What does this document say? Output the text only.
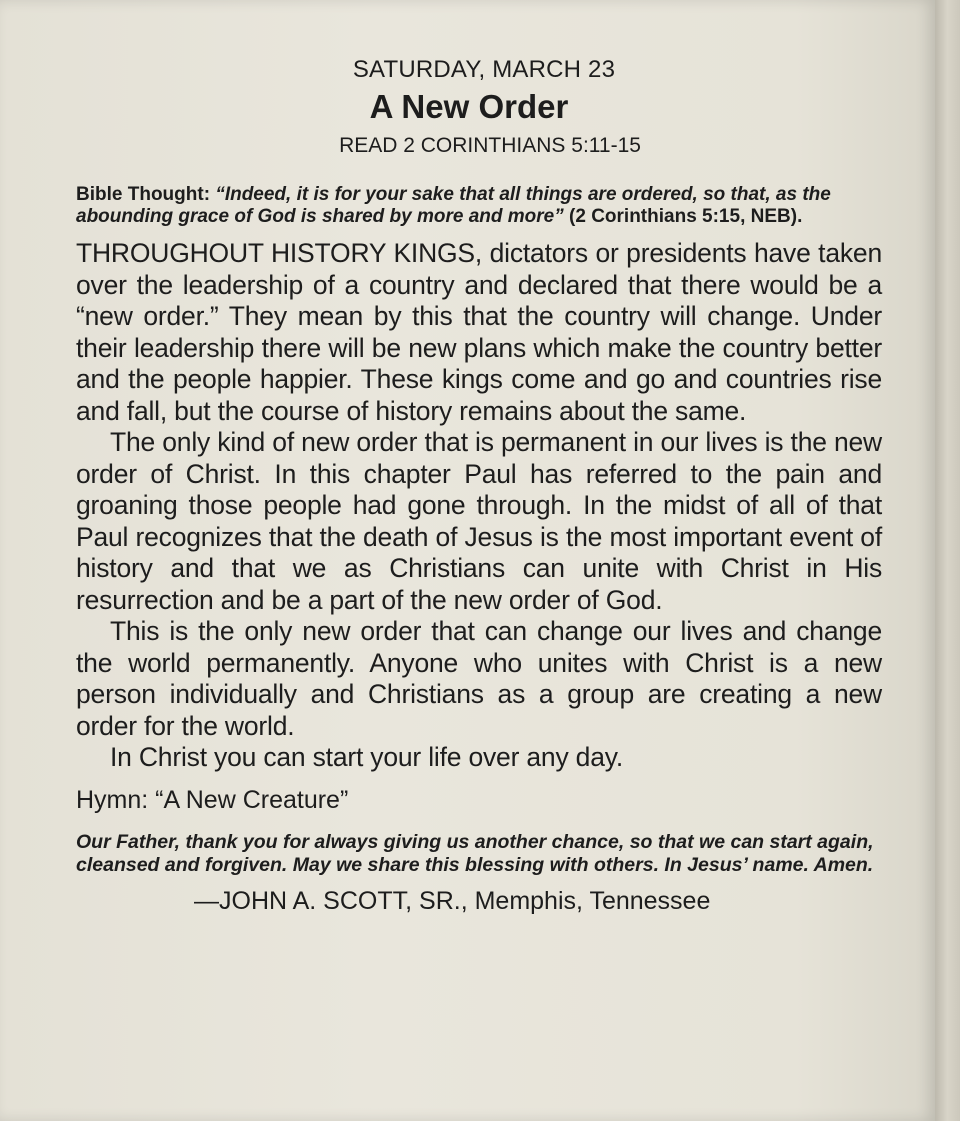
SATURDAY, MARCH 23
A New Order
READ 2 CORINTHIANS 5:11-15
Bible Thought: “Indeed, it is for your sake that all things are ordered, so that, as the abounding grace of God is shared by more and more” (2 Corinthians 5:15, NEB).

THROUGHOUT HISTORY KINGS, dictators or presidents have taken over the leadership of a country and declared that there would be a “new order.” They mean by this that the country will change. Under their leadership there will be new plans which make the country better and the people happier. These kings come and go and countries rise and fall, but the course of history remains about the same.

The only kind of new order that is permanent in our lives is the new order of Christ. In this chapter Paul has referred to the pain and groaning those people had gone through. In the midst of all of that Paul recognizes that the death of Jesus is the most important event of history and that we as Christians can unite with Christ in His resurrection and be a part of the new order of God.

This is the only new order that can change our lives and change the world permanently. Anyone who unites with Christ is a new person individually and Christians as a group are creating a new order for the world.

In Christ you can start your life over any day.

Hymn: “A New Creature”
Our Father, thank you for always giving us another chance, so that we can start again, cleansed and forgiven. May we share this blessing with others. In Jesus’ name. Amen.
—JOHN A. SCOTT, SR., Memphis, Tennessee
